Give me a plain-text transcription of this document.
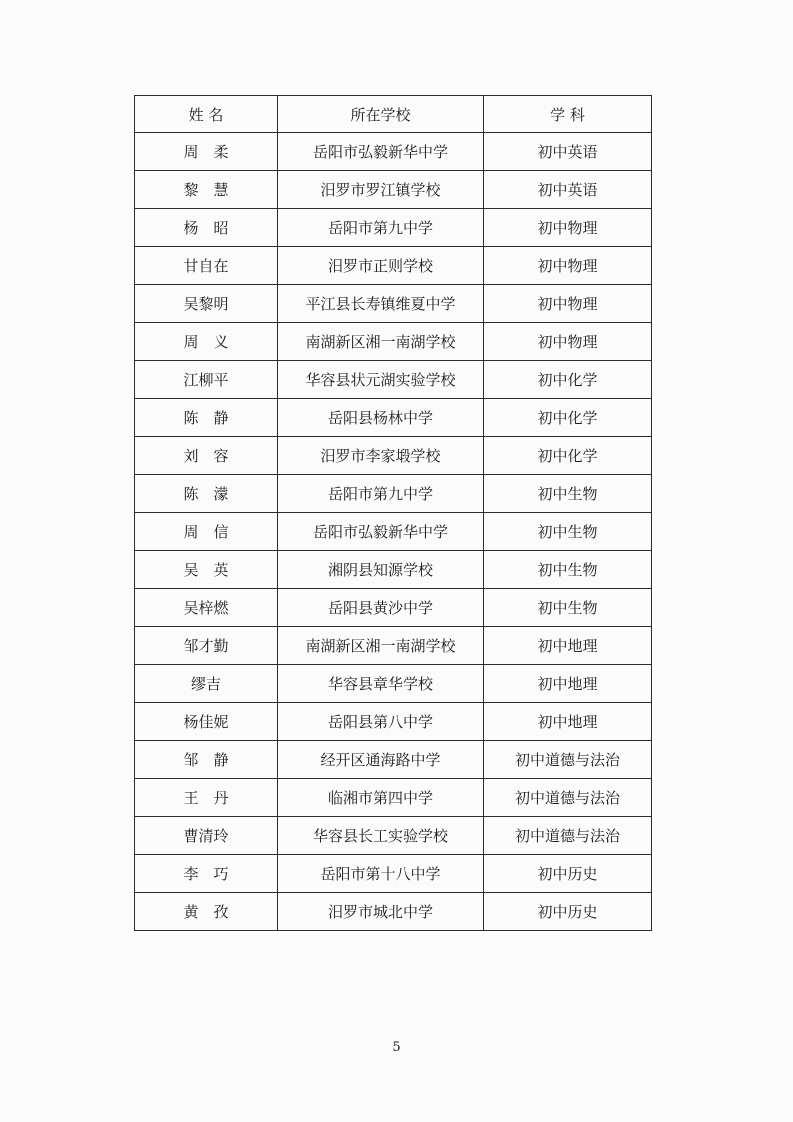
姓 名	所在学校	学 科
周　柔	岳阳市弘毅新华中学	初中英语
黎　慧	汨罗市罗江镇学校	初中英语
杨　昭	岳阳市第九中学	初中物理
甘自在	汨罗市正则学校	初中物理
吴黎明	平江县长寿镇维夏中学	初中物理
周　义	南湖新区湘一南湖学校	初中物理
江柳平	华容县状元湖实验学校	初中化学
陈　静	岳阳县杨林中学	初中化学
刘　容	汨罗市李家塅学校	初中化学
陈　濛	岳阳市第九中学	初中生物
周　信	岳阳市弘毅新华中学	初中生物
吴　英	湘阴县知源学校	初中生物
吴梓燃	岳阳县黄沙中学	初中生物
邹才勤	南湖新区湘一南湖学校	初中地理
缪吉	华容县章华学校	初中地理
杨佳妮	岳阳县第八中学	初中地理
邹　静	经开区通海路中学	初中道德与法治
王　丹	临湘市第四中学	初中道德与法治
曹清玲	华容县长工实验学校	初中道德与法治
李　巧	岳阳市第十八中学	初中历史
黄　孜	汨罗市城北中学	初中历史
5
